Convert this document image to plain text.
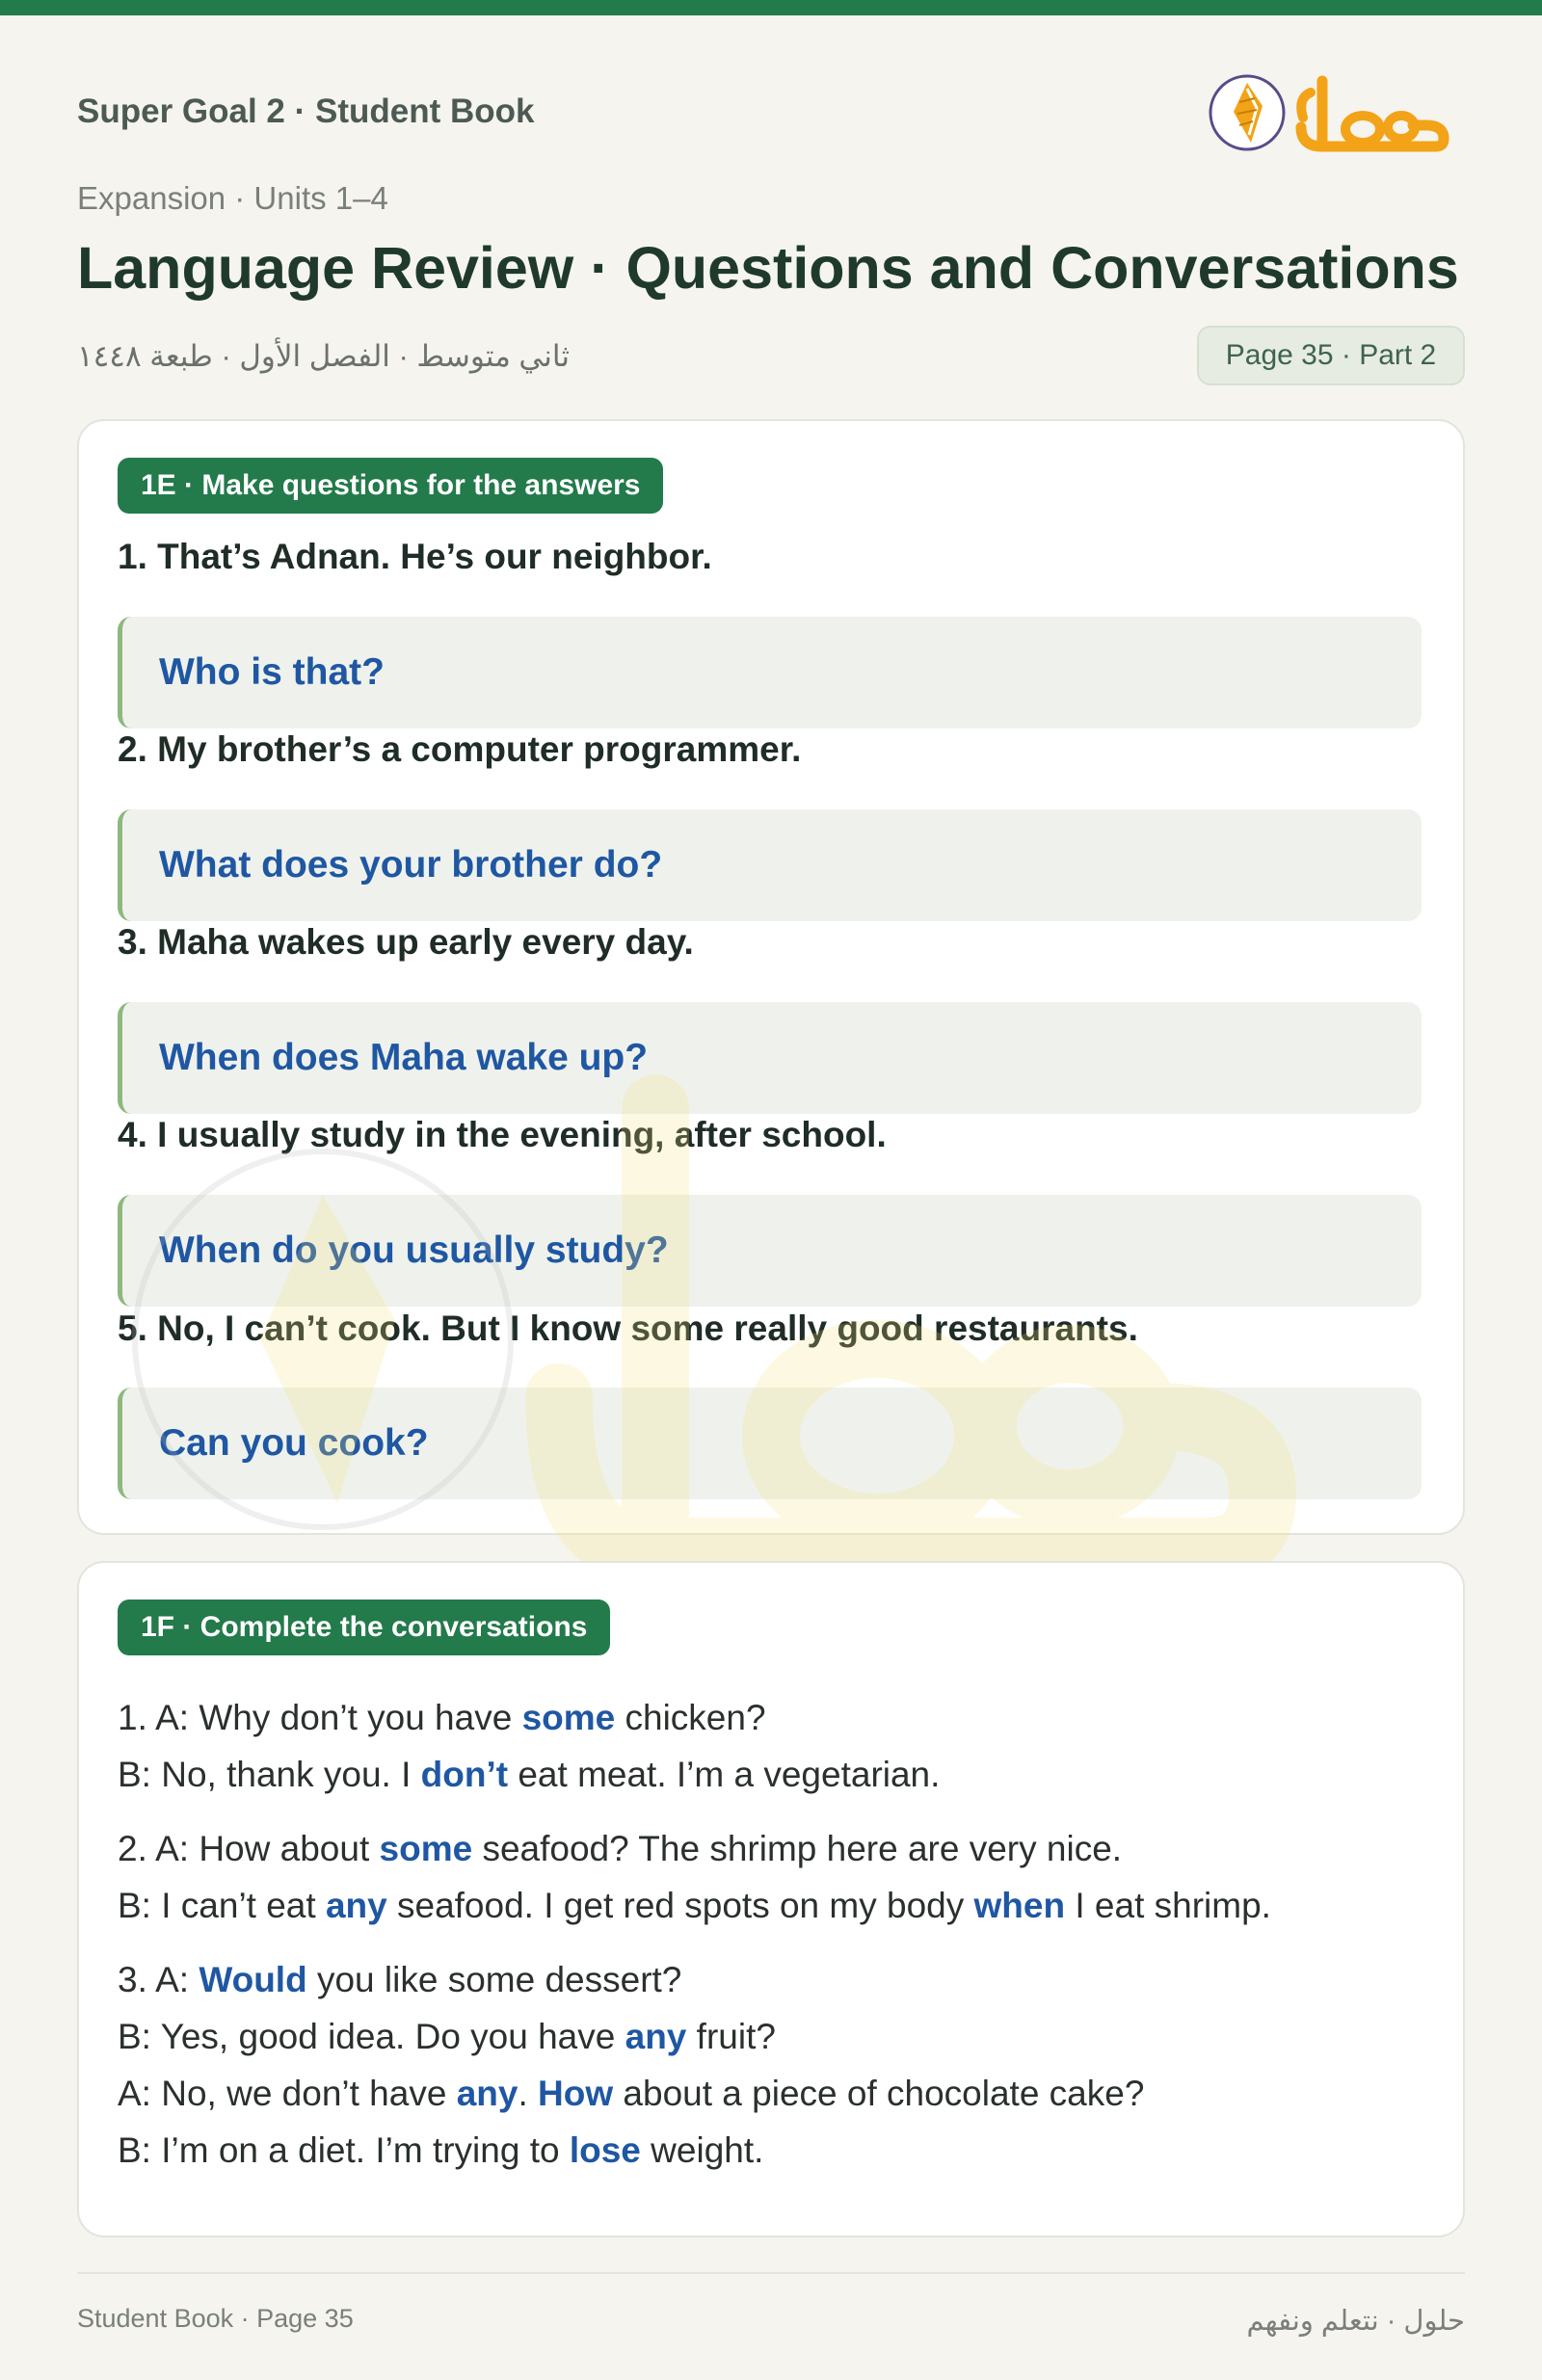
Super Goal 2 · Student Book
Expansion · Units 1–4
Language Review · Questions and Conversations
ثاني متوسط · الفصل الأول · طبعة ١٤٤٨	Page 35 · Part 2
1E · Make questions for the answers
1. That’s Adnan. He’s our neighbor.
Who is that?
2. My brother’s a computer programmer.
What does your brother do?
3. Maha wakes up early every day.
When does Maha wake up?
4. I usually study in the evening, after school.
When do you usually study?
5. No, I can’t cook. But I know some really good restaurants.
Can you cook?
1F · Complete the conversations
1. A: Why don’t you have some chicken?
B: No, thank you. I don’t eat meat. I’m a vegetarian.
2. A: How about some seafood? The shrimp here are very nice.
B: I can’t eat any seafood. I get red spots on my body when I eat shrimp.
3. A: Would you like some dessert?
B: Yes, good idea. Do you have any fruit?
A: No, we don’t have any. How about a piece of chocolate cake?
B: I’m on a diet. I’m trying to lose weight.
Student Book · Page 35	حلول · نتعلم ونفهم
